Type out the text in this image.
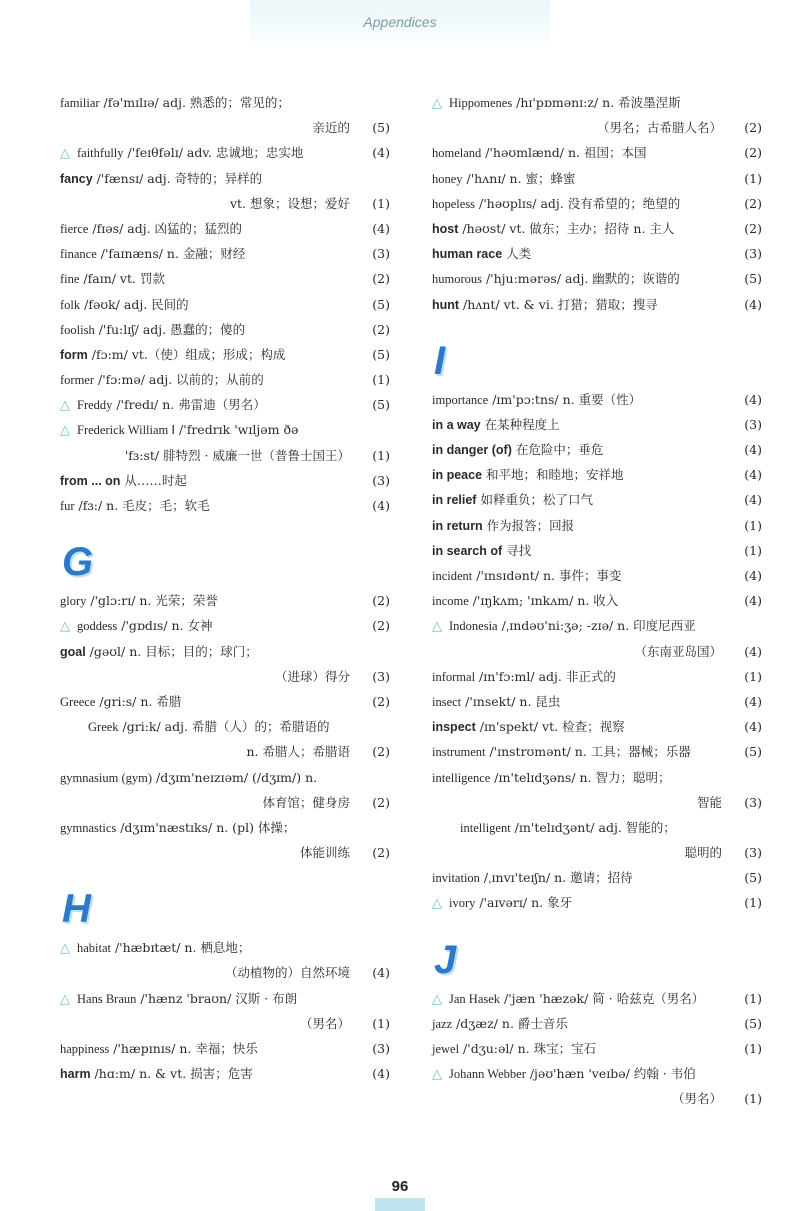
Appendices
familiar /fə'mɪlɪə/ adj. 熟悉的；常见的；
亲近的 (5)
△ faithfully /'feɪθfəlɪ/ adv. 忠诚地；忠实地	(4)
fancy /'fænsɪ/ adj. 奇特的；异样的
vt. 想象；设想；爱好 (1)
fierce /fɪəs/ adj. 凶猛的；猛烈的	(4)
finance /'faɪnæns/ n. 金融；财经	(3)
fine /faɪn/ vt. 罚款	(2)
folk /fəʊk/ adj. 民间的	(5)
foolish /'fu:lɪʃ/ adj. 愚蠢的；傻的	(2)
form /fɔ:m/ vt.（使）组成；形成；构成	(5)
former /'fɔ:mə/ adj. 以前的；从前的	(1)
△ Freddy /'fredɪ/ n. 弗雷迪（男名）	(5)
△ Frederick William Ⅰ /'fredrɪk 'wɪljəm ðə
'fɜ:st/ 腓特烈 · 威廉一世（普鲁士国王） (1)
from ... on 从……时起	(3)
fur /fɜ:/ n. 毛皮；毛；软毛	(4)
G
glory /'glɔ:rɪ/ n. 光荣；荣誉	(2)
△ goddess /'gɒdɪs/ n. 女神	(2)
goal /gəʊl/ n. 目标；目的；球门；
（进球）得分 (3)
Greece /gri:s/ n. 希腊	(2)
Greek /gri:k/ adj. 希腊（人）的；希腊语的
n. 希腊人；希腊语 (2)
gymnasium (gym) /dʒɪm'neɪzɪəm/ (/dʒɪm/) n.
体育馆；健身房 (2)
gymnastics /dʒɪm'næstɪks/ n. (pl) 体操；
体能训练 (2)
H
△ habitat /'hæbɪtæt/ n. 栖息地；
（动植物的）自然环境 (4)
△ Hans Braun /'hænz 'braʊn/ 汉斯 · 布朗
（男名） (1)
happiness /'hæpɪnɪs/ n. 幸福；快乐	(3)
harm /hɑ:m/ n. & vt. 损害；危害	(4)
△ Hippomenes /hɪ'pɒmənɪ:z/ n. 希波墨涅斯
（男名；古希腊人名） (2)
homeland /'həʊmlænd/ n. 祖国；本国	(2)
honey /'hʌnɪ/ n. 蜜；蜂蜜	(1)
hopeless /'həʊplɪs/ adj. 没有希望的；绝望的	(2)
host /həʊst/ vt. 做东；主办；招待 n. 主人	(2)
human race 人类	(3)
humorous /'hju:mərəs/ adj. 幽默的；诙谐的	(5)
hunt /hʌnt/ vt. & vi. 打猎；猎取；搜寻	(4)
I
importance /ɪm'pɔ:tns/ n. 重要（性）	(4)
in a way 在某种程度上	(3)
in danger (of) 在危险中；垂危	(4)
in peace 和平地；和睦地；安祥地	(4)
in relief 如释重负；松了口气	(4)
in return 作为报答；回报	(1)
in search of 寻找	(1)
incident /'ɪnsɪdənt/ n. 事件；事变	(4)
income /'ɪŋkʌm; 'ɪnkʌm/ n. 收入	(4)
△ Indonesia /ˌɪndəʊ'ni:ʒə; -zɪə/ n. 印度尼西亚
（东南亚岛国） (4)
informal /ɪn'fɔ:ml/ adj. 非正式的	(1)
insect /'ɪnsekt/ n. 昆虫	(4)
inspect /ɪn'spekt/ vt. 检查；视察	(4)
instrument /'ɪnstrʊmənt/ n. 工具；器械；乐器	(5)
intelligence /ɪn'telɪdʒəns/ n. 智力；聪明；
智能 (3)
intelligent /ɪn'telɪdʒənt/ adj. 智能的；
聪明的 (3)
invitation /ˌɪnvɪ'teɪʃn/ n. 邀请；招待	(5)
△ ivory /'aɪvərɪ/ n. 象牙	(1)
J
△ Jan Hasek /'jæn 'hæzək/ 简 · 哈兹克（男名）	(1)
jazz /dʒæz/ n. 爵士音乐	(5)
jewel /'dʒu:əl/ n. 珠宝；宝石	(1)
△ Johann Webber /jəʊ'hæn 'veɪbə/ 约翰 · 韦伯
（男名） (1)
96
